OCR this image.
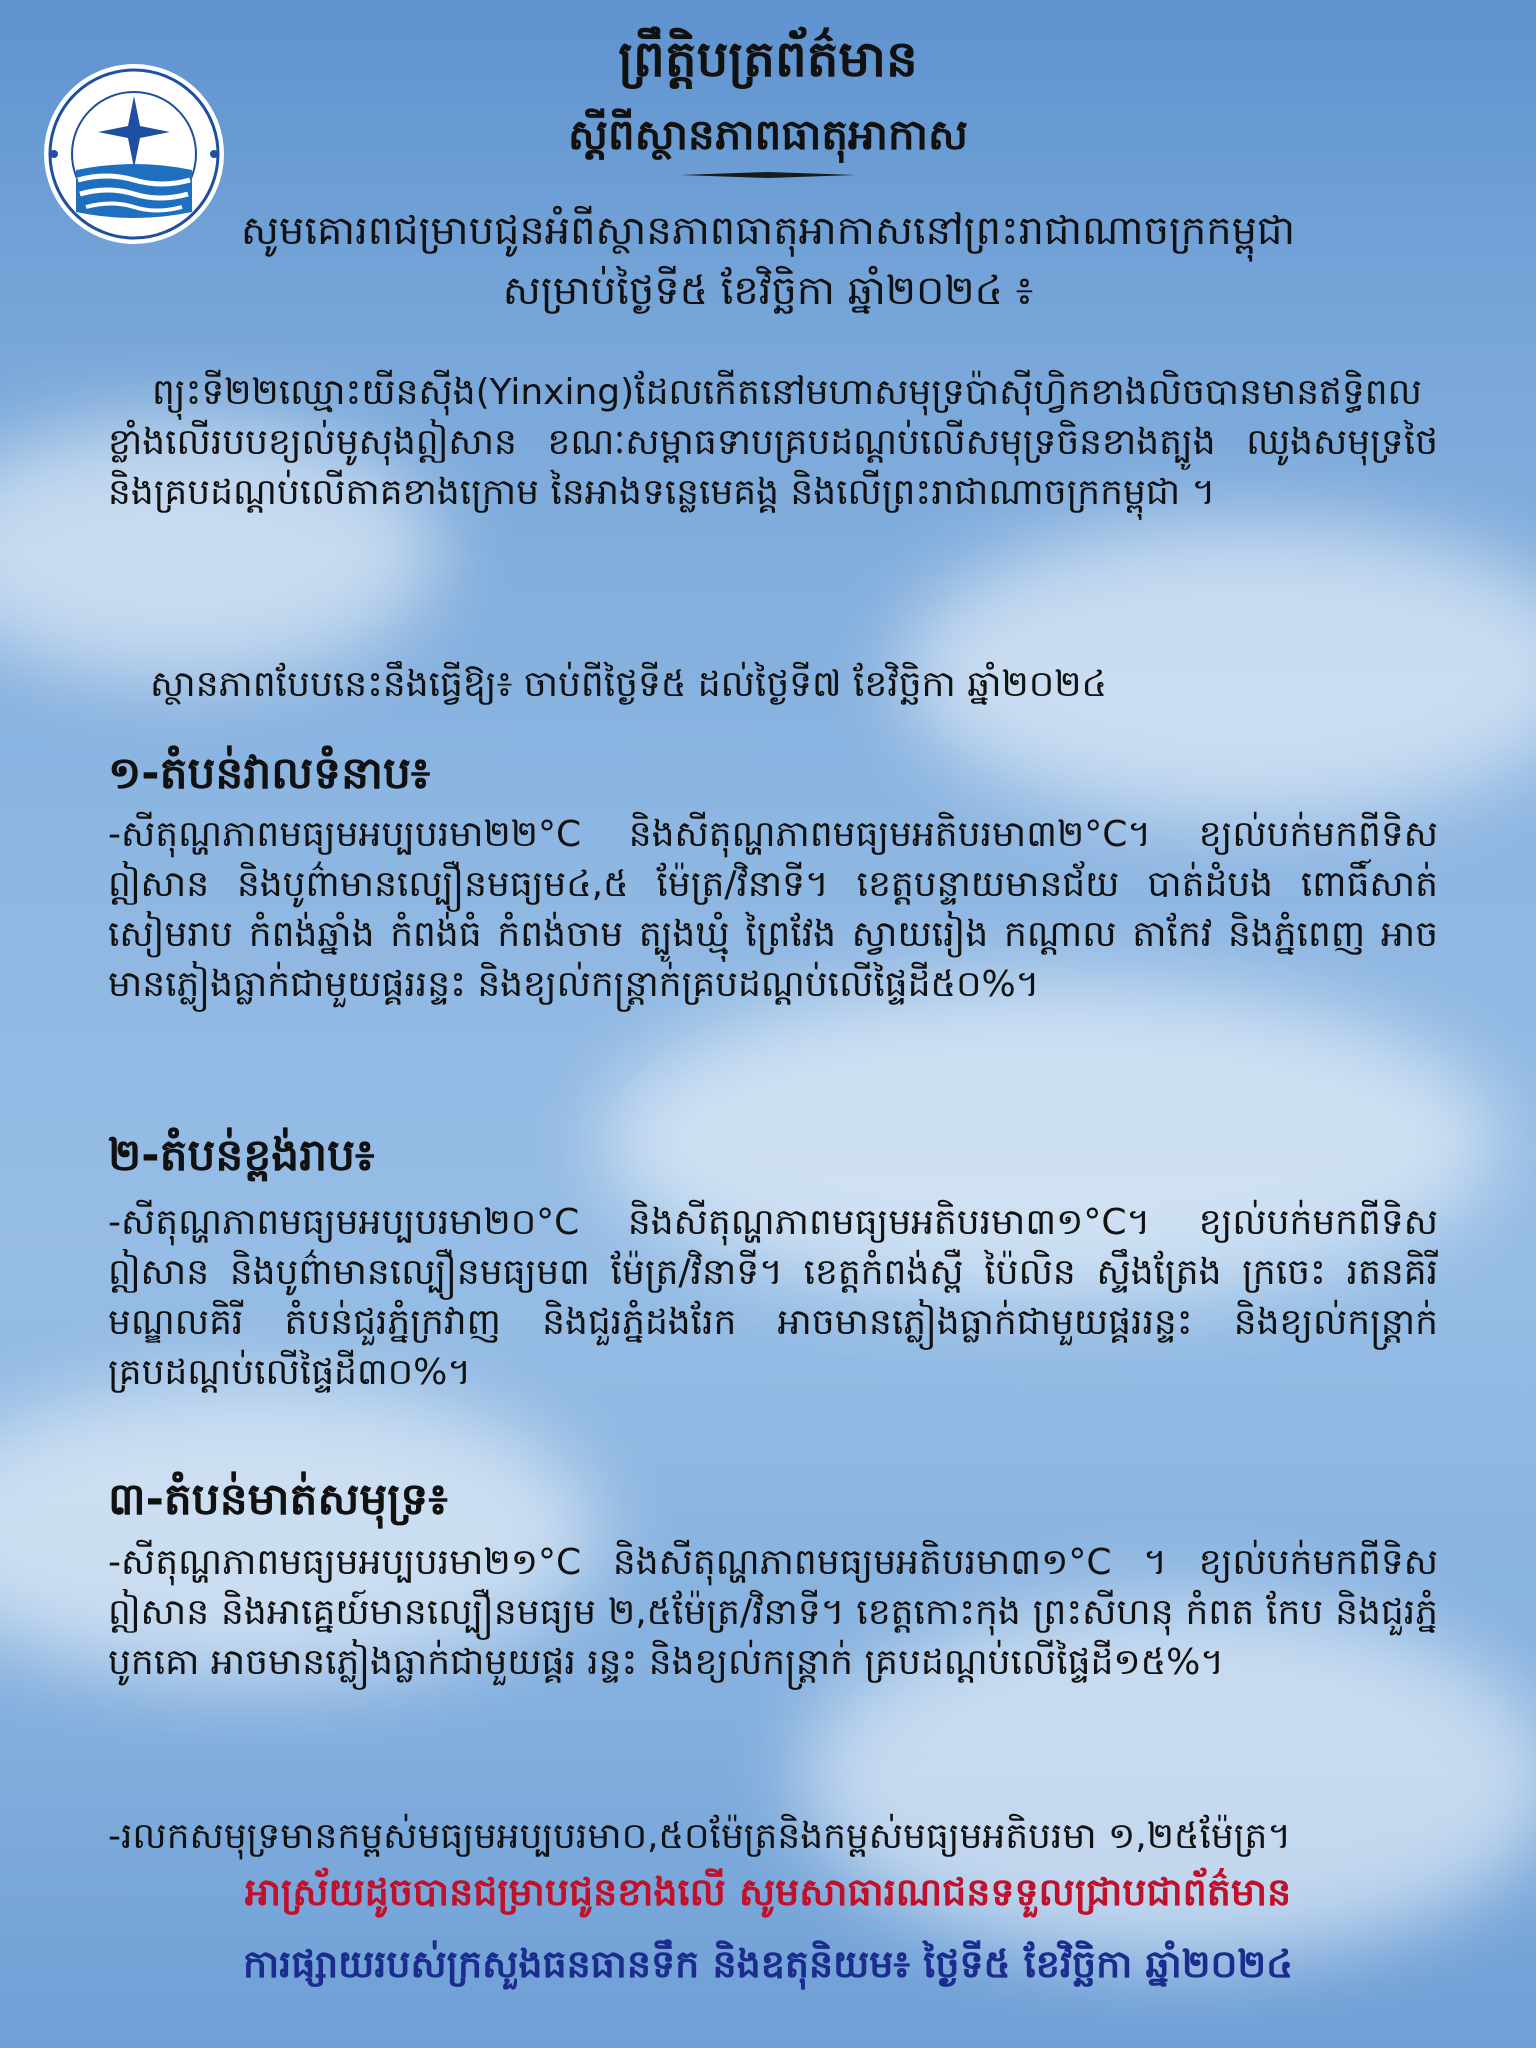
ព្រឹត្តិបត្រព័ត៌មាន
ស្តីពីស្ថានភាពធាតុអាកាស
សូមគោរពជម្រាបជូនអំពីស្ថានភាពធាតុអាកាសនៅព្រះរាជាណាចក្រកម្ពុជា
សម្រាប់ថ្ងៃទី៥ ខែវិច្ឆិកា ឆ្នាំ២០២៤ ៖

ព្យុះទី២២ឈ្មោះយីនស៊ីង(Yinxing)ដែលកើតនៅមហាសមុទ្រប៉ាស៊ីហ្វិកខាងលិចបានមានឥទ្ធិពល ខ្លាំងលើរបបខ្យល់មូសុងឦសាន ខណៈសម្ពាធទាបគ្របដណ្តប់លើសមុទ្រចិនខាងត្បូង ឈូងសមុទ្រថៃ និងគ្របដណ្តប់លើតាគខាងក្រោម នៃអាងទន្លេមេគង្គ និងលើព្រះរាជាណាចក្រកម្ពុជា ។

ស្ថានភាពបែបនេះនឹងធ្វើឱ្យ៖ ចាប់ពីថ្ងៃទី៥ ដល់ថ្ងៃទី៧ ខែវិច្ឆិកា ឆ្នាំ២០២៤

១-តំបន់វាលទំនាប៖

-សីតុណ្ហភាពមធ្យមអប្បបរមា២២°C និងសីតុណ្ហភាពមធ្យមអតិបរមា៣២°C។ ខ្យល់បក់មកពីទិសឦសាន និងបូព៌ាមានល្បឿនមធ្យម៤,៥ ម៉ែត្រ/វិនាទី។ ខេត្តបន្ទាយមានជ័យ បាត់ដំបង ពោធិ៍សាត់ សៀមរាប កំពង់ឆ្នាំង កំពង់ធំ កំពង់ចាម ត្បូងឃ្មុំ ព្រៃវែង ស្វាយរៀង កណ្តាល តាកែវ និងភ្នំពេញ អាចមានភ្លៀងធ្លាក់ជាមួយផ្គររន្ទះ និងខ្យល់កន្ត្រាក់គ្របដណ្តប់លើផ្ទៃដី៥០%។

២-តំបន់ខ្ពង់រាប៖

-សីតុណ្ហភាពមធ្យមអប្បបរមា២០°C និងសីតុណ្ហភាពមធ្យមអតិបរមា៣១°C។ ខ្យល់បក់មកពីទិសឦសាន និងបូព៌ាមានល្បឿនមធ្យម៣ ម៉ែត្រ/វិនាទី។ ខេត្តកំពង់ស្ពឺ ប៉ៃលិន ស្ទឹងត្រែង ក្រចេះ រតនគិរី មណ្ឌលគិរី តំបន់ជួរភ្នំក្រវាញ និងជួរភ្នំដងរែក អាចមានភ្លៀងធ្លាក់ជាមួយផ្គររន្ទះ និងខ្យល់កន្ត្រាក់គ្របដណ្តប់លើផ្ទៃដី៣០%។

៣-តំបន់មាត់សមុទ្រ៖

-សីតុណ្ហភាពមធ្យមអប្បបរមា២១°C និងសីតុណ្ហភាពមធ្យមអតិបរមា៣១°C ។ ខ្យល់បក់មកពីទិសឦសាន និងអាគ្នេយ៍មានល្បឿនមធ្យម ២,៥ម៉ែត្រ/វិនាទី។ ខេត្តកោះកុង ព្រះសីហនុ កំពត កែប និងជួរភ្នំបូកគោ អាចមានភ្លៀងធ្លាក់ជាមួយផ្គរ រន្ទះ និងខ្យល់កន្ត្រាក់ គ្របដណ្តប់លើផ្ទៃដី១៥%។

-រលកសមុទ្រមានកម្ពស់មធ្យមអប្បបរមា០,៥០ម៉ែត្រនិងកម្ពស់មធ្យមអតិបរមា ១,២៥ម៉ែត្រ។

អាស្រ័យដូចបានជម្រាបជូនខាងលើ សូមសាធារណជនទទួលជ្រាបជាព័ត៌មាន
ការផ្សាយរបស់ក្រសួងធនធានទឹក និងឧតុនិយម៖ ថ្ងៃទី៥ ខែវិច្ឆិកា ឆ្នាំ២០២៤
